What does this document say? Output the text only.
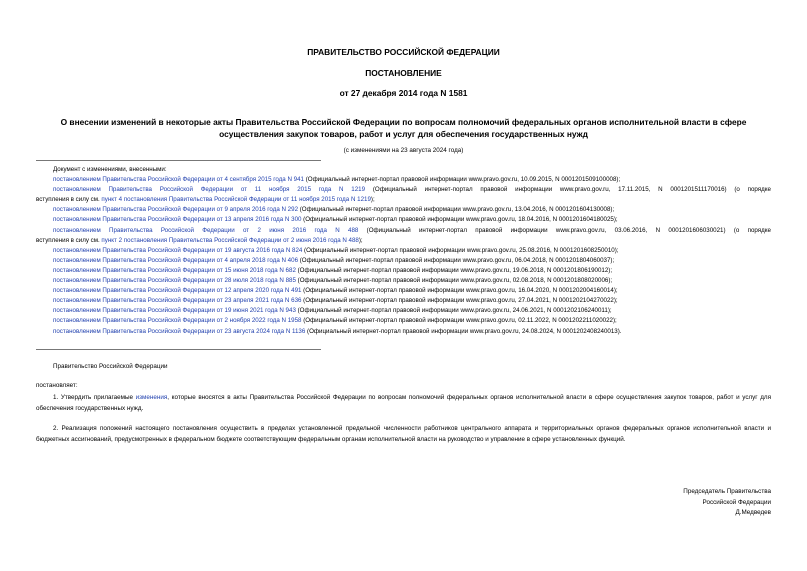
ПРАВИТЕЛЬСТВО РОССИЙСКОЙ ФЕДЕРАЦИИ
ПОСТАНОВЛЕНИЕ
от 27 декабря 2014 года N 1581
О внесении изменений в некоторые акты Правительства Российской Федерации по вопросам полномочий федеральных органов исполнительной власти в сфере
осуществления закупок товаров, работ и услуг для обеспечения государственных нужд
(с изменениями на 23 августа 2024 года)
Документ с изменениями, внесенными:
постановлением Правительства Российской Федерации от 4 сентября 2015 года N 941 (Официальный интернет-портал правовой информации www.pravo.gov.ru, 10.09.2015, N 0001201509100008);
постановлением Правительства Российской Федерации от 11 ноября 2015 года N 1219 (Официальный интернет-портал правовой информации www.pravo.gov.ru, 17.11.2015, N 0001201511170016) (о порядке
вступления в силу см. пункт 4 постановления Правительства Российской Федерации от 11 ноября 2015 года N 1219);
постановлением Правительства Российской Федерации от 9 апреля 2016 года N 292 (Официальный интернет-портал правовой информации www.pravo.gov.ru, 13.04.2016, N 0001201604130008);
постановлением Правительства Российской Федерации от 13 апреля 2016 года N 300 (Официальный интернет-портал правовой информации www.pravo.gov.ru, 18.04.2016, N 0001201604180025);
постановлением Правительства Российской Федерации от 2 июня 2016 года N 488 (Официальный интернет-портал правовой информации www.pravo.gov.ru, 03.06.2016, N 0001201606030021) (о порядке
вступления в силу см. пункт 2 постановления Правительства Российской Федерации от 2 июня 2016 года N 488);
постановлением Правительства Российской Федерации от 19 августа 2016 года N 824 (Официальный интернет-портал правовой информации www.pravo.gov.ru, 25.08.2016, N 0001201608250010);
постановлением Правительства Российской Федерации от 4 апреля 2018 года N 406 (Официальный интернет-портал правовой информации www.pravo.gov.ru, 06.04.2018, N 0001201804060037);
постановлением Правительства Российской Федерации от 15 июня 2018 года N 682 (Официальный интернет-портал правовой информации www.pravo.gov.ru, 19.06.2018, N 0001201806190012);
постановлением Правительства Российской Федерации от 28 июля 2018 года N 885 (Официальный интернет-портал правовой информации www.pravo.gov.ru, 02.08.2018, N 0001201808020006);
постановлением Правительства Российской Федерации от 12 апреля 2020 года N 491 (Официальный интернет-портал правовой информации www.pravo.gov.ru, 16.04.2020, N 0001202004160014);
постановлением Правительства Российской Федерации от 23 апреля 2021 года N 636 (Официальный интернет-портал правовой информации www.pravo.gov.ru, 27.04.2021, N 0001202104270022);
постановлением Правительства Российской Федерации от 19 июня 2021 года N 943 (Официальный интернет-портал правовой информации www.pravo.gov.ru, 24.06.2021, N 0001202106240011);
постановлением Правительства Российской Федерации от 2 ноября 2022 года N 1958 (Официальный интернет-портал правовой информации www.pravo.gov.ru, 02.11.2022, N 0001202211020022);
постановлением Правительства Российской Федерации от 23 августа 2024 года N 1136 (Официальный интернет-портал правовой информации www.pravo.gov.ru, 24.08.2024, N 0001202408240013).
Правительство Российской Федерации
постановляет:
1. Утвердить прилагаемые изменения, которые вносятся в акты Правительства Российской Федерации по вопросам полномочий федеральных органов исполнительной власти в сфере осуществления закупок товаров, работ и услуг для обеспечения государственных нужд.
2. Реализация положений настоящего постановления осуществить в пределах установленной предельной численности работников центрального аппарата и территориальных органов федеральных органов исполнительной власти и бюджетных ассигнований, предусмотренных в федеральном бюджете соответствующим федеральным органам исполнительной власти на руководство и управление в сфере установленных функций.
Председатель Правительства
Российской Федерации
Д.Медведев
